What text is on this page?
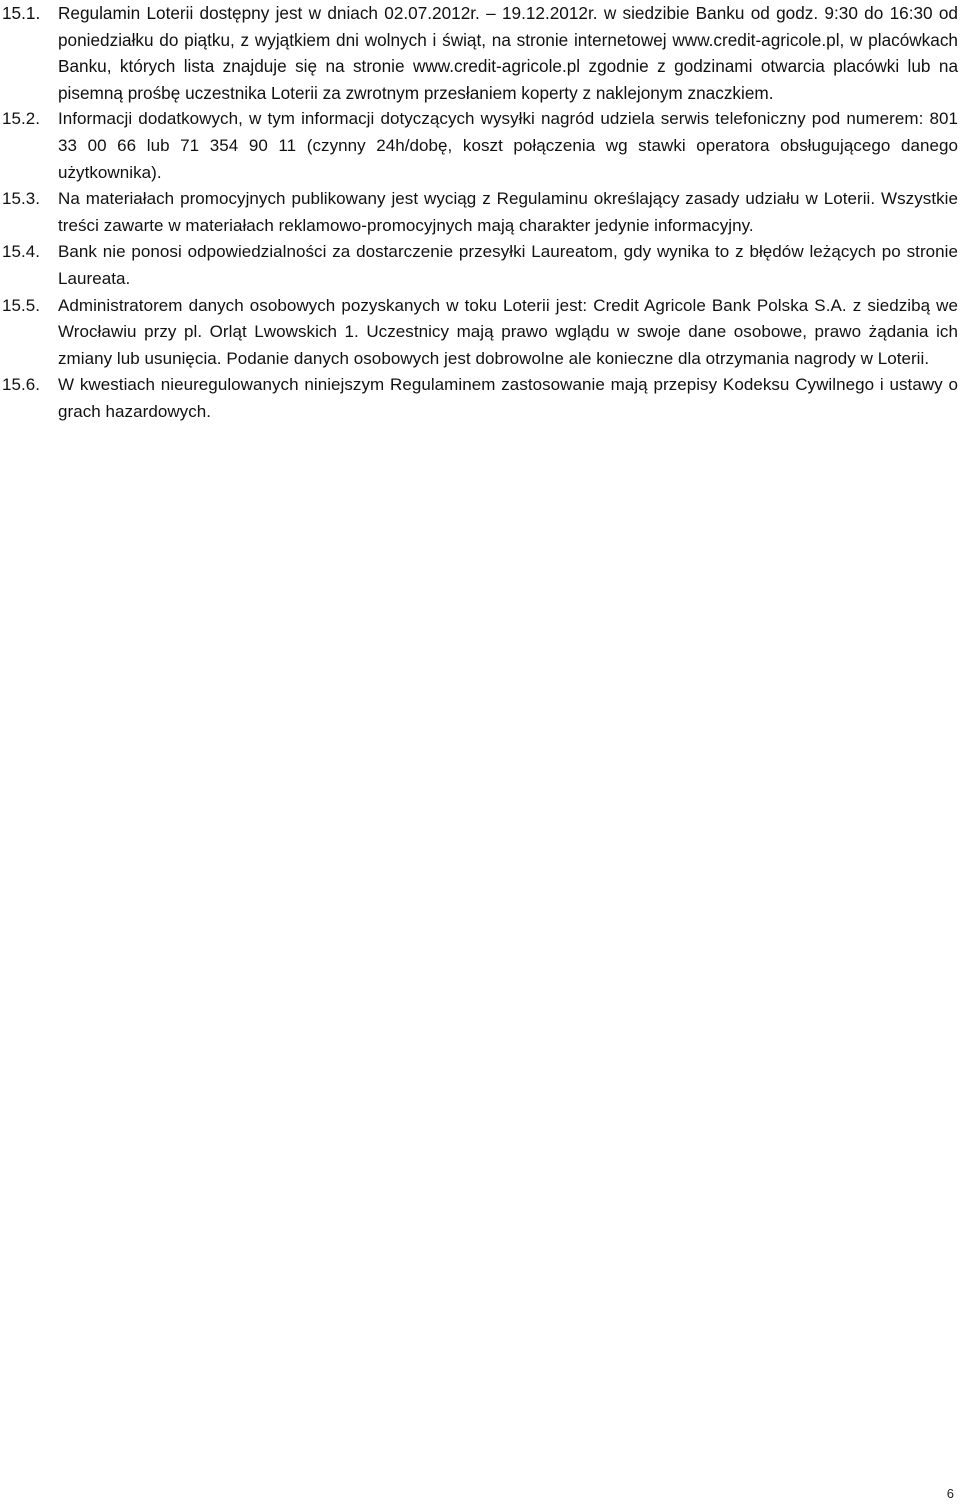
15.1.	Regulamin Loterii dostępny jest w dniach 02.07.2012r. – 19.12.2012r. w siedzibie Banku od godz. 9:30 do 16:30 od poniedziałku do piątku, z wyjątkiem dni wolnych i świąt, na stronie internetowej www.credit-agricole.pl, w placówkach Banku, których lista znajduje się na stronie www.credit-agricole.pl zgodnie z godzinami otwarcia placówki lub na pisemną prośbę uczestnika Loterii za zwrotnym przesłaniem koperty z naklejonym znaczkiem.

15.2.	Informacji dodatkowych, w tym informacji dotyczących wysyłki nagród udziela serwis telefoniczny pod numerem: 801 33 00 66 lub 71 354 90 11 (czynny 24h/dobę, koszt połączenia wg stawki operatora obsługującego danego użytkownika).

15.3.	Na materiałach promocyjnych publikowany jest wyciąg z Regulaminu określający zasady udziału w Loterii. Wszystkie treści zawarte w materiałach reklamowo-promocyjnych mają charakter jedynie informacyjny.

15.4.	Bank nie ponosi odpowiedzialności za dostarczenie przesyłki Laureatom, gdy wynika to z błędów leżących po stronie Laureata.

15.5.	Administratorem danych osobowych pozyskanych w toku Loterii jest: Credit Agricole Bank Polska S.A. z siedzibą we Wrocławiu przy pl. Orląt Lwowskich 1. Uczestnicy mają prawo wglądu w swoje dane osobowe, prawo żądania ich zmiany lub usunięcia. Podanie danych osobowych jest dobrowolne ale konieczne dla otrzymania nagrody w Loterii.

15.6.	W kwestiach nieuregulowanych niniejszym Regulaminem zastosowanie mają przepisy Kodeksu Cywilnego i ustawy o grach hazardowych.

6
